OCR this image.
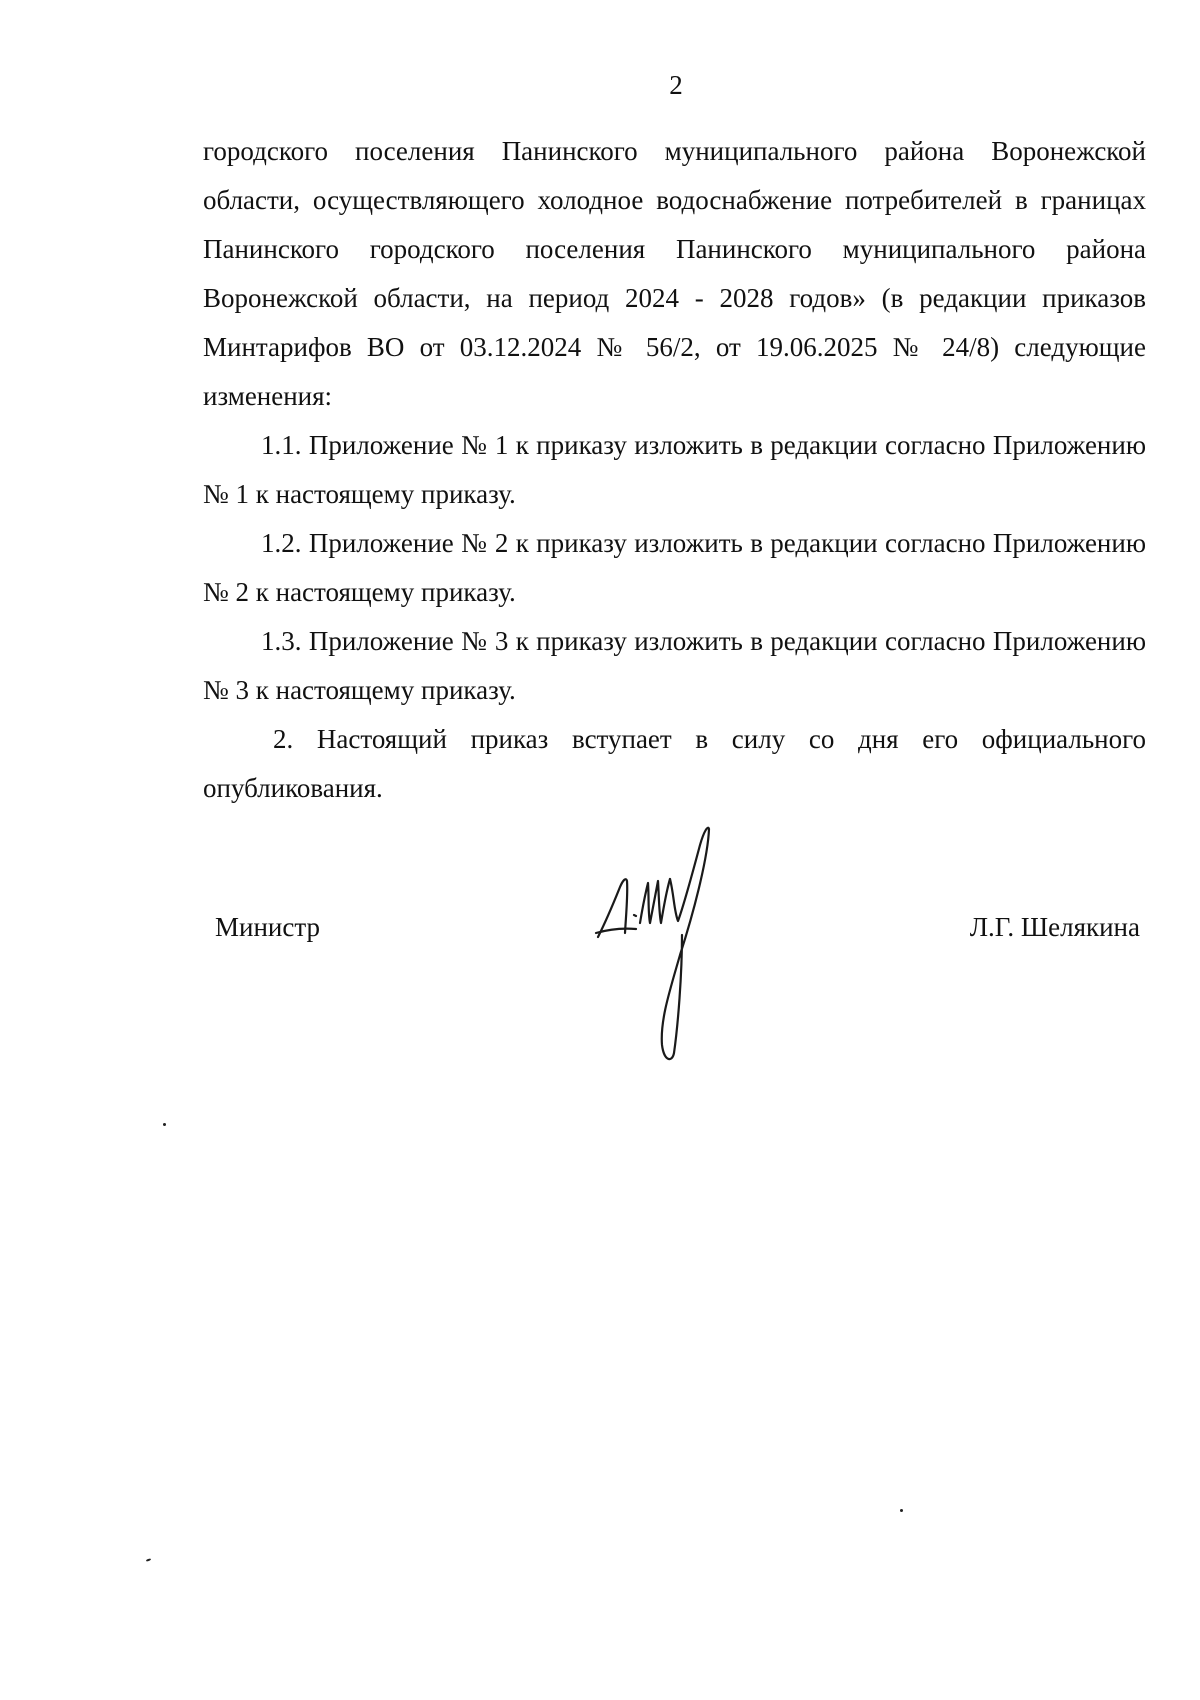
2

городского поселения Панинского муниципального района Воронежской области, осуществляющего холодное водоснабжение потребителей в границах Панинского городского поселения Панинского муниципального района Воронежской области, на период 2024 - 2028 годов» (в редакции приказов Минтарифов ВО от 03.12.2024 № 56/2, от 19.06.2025 № 24/8) следующие изменения:

1.1. Приложение № 1 к приказу изложить в редакции согласно Приложению № 1 к настоящему приказу.

1.2. Приложение № 2 к приказу изложить в редакции согласно Приложению № 2 к настоящему приказу.

1.3. Приложение № 3 к приказу изложить в редакции согласно Приложению № 3 к настоящему приказу.

2. Настоящий приказ вступает в силу со дня его официального опубликования.

Министр	Л.Г. Шелякина
